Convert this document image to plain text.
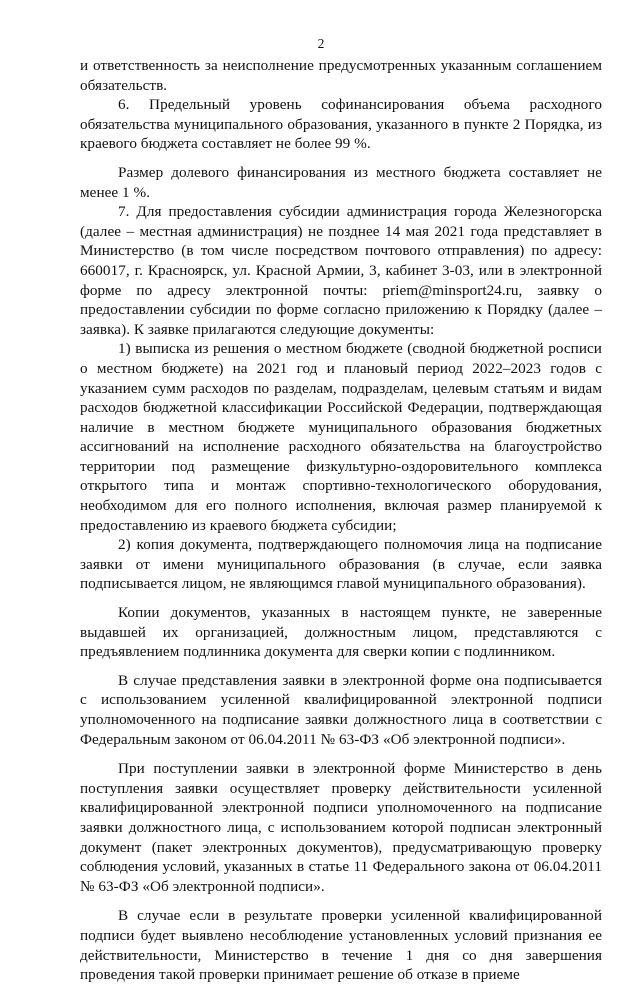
2

и ответственность за неисполнение предусмотренных указанным соглашением обязательств.

6. Предельный уровень софинансирования объема расходного обязательства муниципального образования, указанного в пункте 2 Порядка, из краевого бюджета составляет не более 99 %.

Размер долевого финансирования из местного бюджета составляет не менее 1 %.

7. Для предоставления субсидии администрация города Железногорска (далее – местная администрация) не позднее 14 мая 2021 года представляет в Министерство (в том числе посредством почтового отправления) по адресу: 660017, г. Красноярск, ул. Красной Армии, 3, кабинет 3-03, или в электронной форме по адресу электронной почты: priem@minsport24.ru, заявку о предоставлении субсидии по форме согласно приложению к Порядку (далее – заявка). К заявке прилагаются следующие документы:

1) выписка из решения о местном бюджете (сводной бюджетной росписи о местном бюджете) на 2021 год и плановый период 2022–2023 годов с указанием сумм расходов по разделам, подразделам, целевым статьям и видам расходов бюджетной классификации Российской Федерации, подтверждающая наличие в местном бюджете муниципального образования бюджетных ассигнований на исполнение расходного обязательства на благоустройство территории под размещение физкультурно-оздоровительного комплекса открытого типа и монтаж спортивно-технологического оборудования, необходимом для его полного исполнения, включая размер планируемой к предоставлению из краевого бюджета субсидии;

2) копия документа, подтверждающего полномочия лица на подписание заявки от имени муниципального образования (в случае, если заявка подписывается лицом, не являющимся главой муниципального образования).

Копии документов, указанных в настоящем пункте, не заверенные выдавшей их организацией, должностным лицом, представляются с предъявлением подлинника документа для сверки копии с подлинником.

В случае представления заявки в электронной форме она подписывается с использованием усиленной квалифицированной электронной подписи уполномоченного на подписание заявки должностного лица в соответствии с Федеральным законом от 06.04.2011 № 63-ФЗ «Об электронной подписи».

При поступлении заявки в электронной форме Министерство в день поступления заявки осуществляет проверку действительности усиленной квалифицированной электронной подписи уполномоченного на подписание заявки должностного лица, с использованием которой подписан электронный документ (пакет электронных документов), предусматривающую проверку соблюдения условий, указанных в статье 11 Федерального закона от 06.04.2011 № 63-ФЗ «Об электронной подписи».

В случае если в результате проверки усиленной квалифицированной подписи будет выявлено несоблюдение установленных условий признания ее действительности, Министерство в течение 1 дня со дня завершения проведения такой проверки принимает решение об отказе в приеме
